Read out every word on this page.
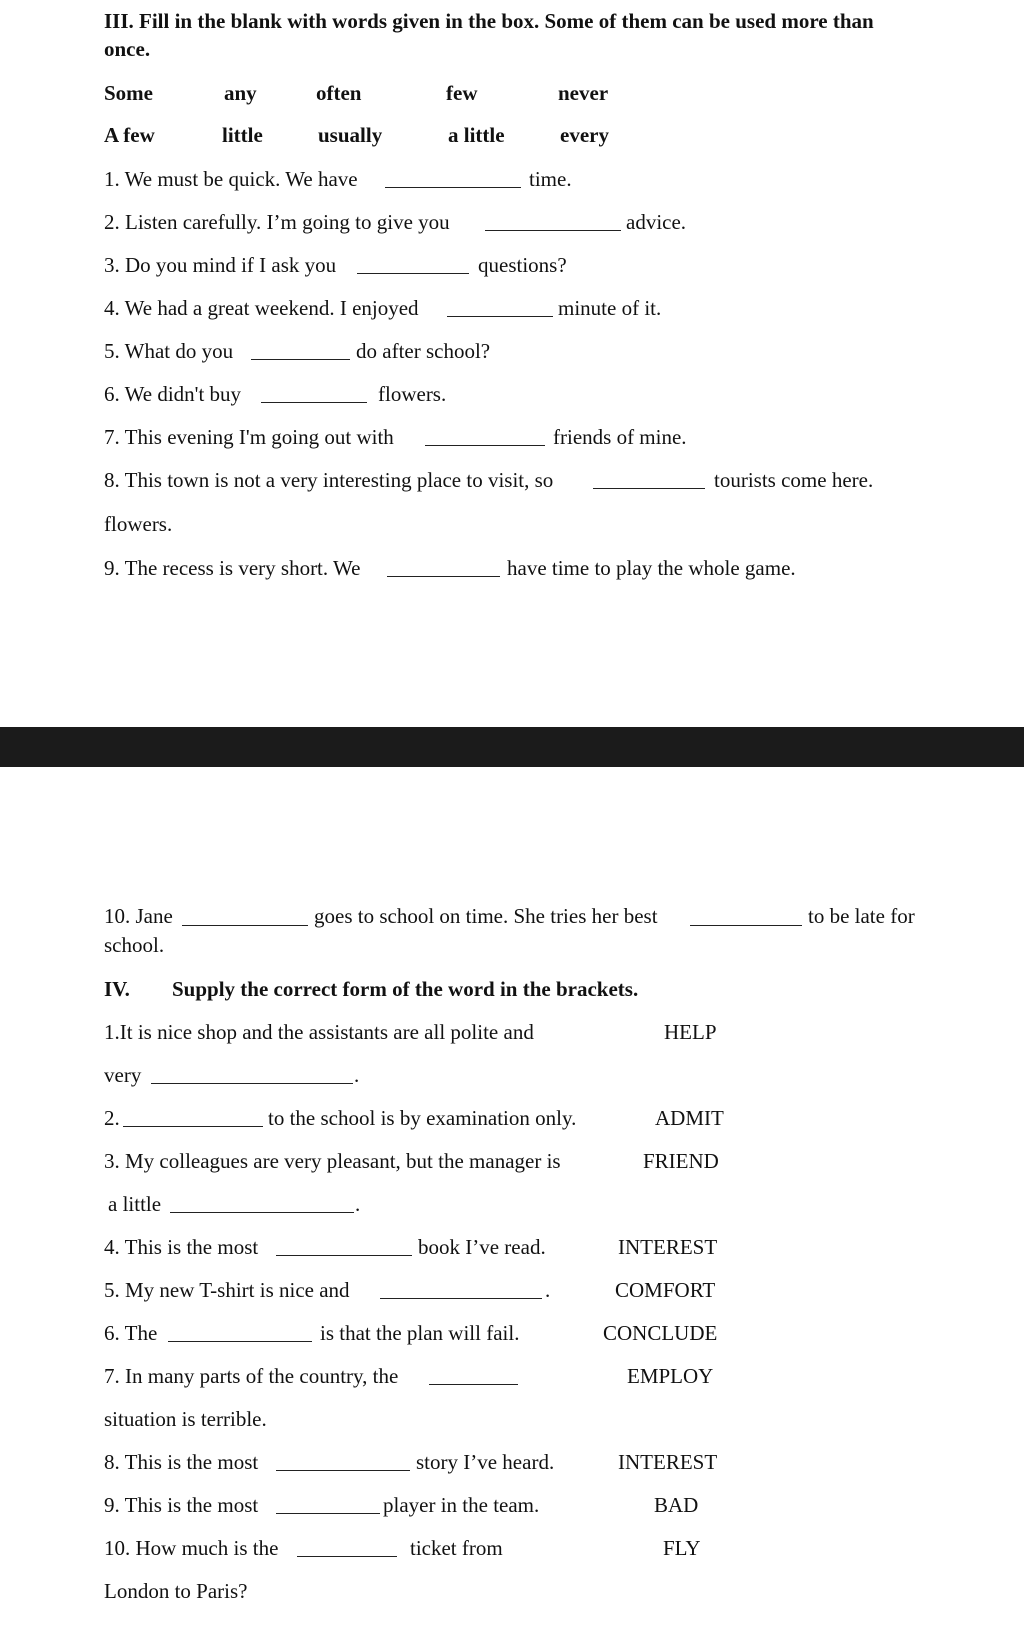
III. Fill in the blank with words given in the box. Some of them can be used more than
once.
Some	any	often	few	never
A few	little	usually	a little	every
1. We must be quick. We have	time.
2. Listen carefully. I’m going to give you	advice.
3. Do you mind if I ask you	questions?
4. We had a great weekend. I enjoyed	minute of it.
5. What do you	do after school?
6. We didn't buy	flowers.
7. This evening I'm going out with	friends of mine.
8. This town is not a very interesting place to visit, so	tourists come here.
flowers.
9. The recess is very short. We	have time to play the whole game.
10. Jane	goes to school on time. She tries her best	to be late for
school.
IV. Supply the correct form of the word in the brackets.
1.It is nice shop and the assistants are all polite and	HELP
very	.
2.	to the school is by examination only.	ADMIT
3. My colleagues are very pleasant, but the manager is	FRIEND
a little	.
4. This is the most	book I’ve read.	INTEREST
5. My new T-shirt is nice and	.	COMFORT
6. The	is that the plan will fail.	CONCLUDE
7. In many parts of the country, the	EMPLOY
situation is terrible.
8. This is the most	story I’ve heard.	INTEREST
9. This is the most	player in the team.	BAD
10. How much is the	ticket from	FLY
London to Paris?
